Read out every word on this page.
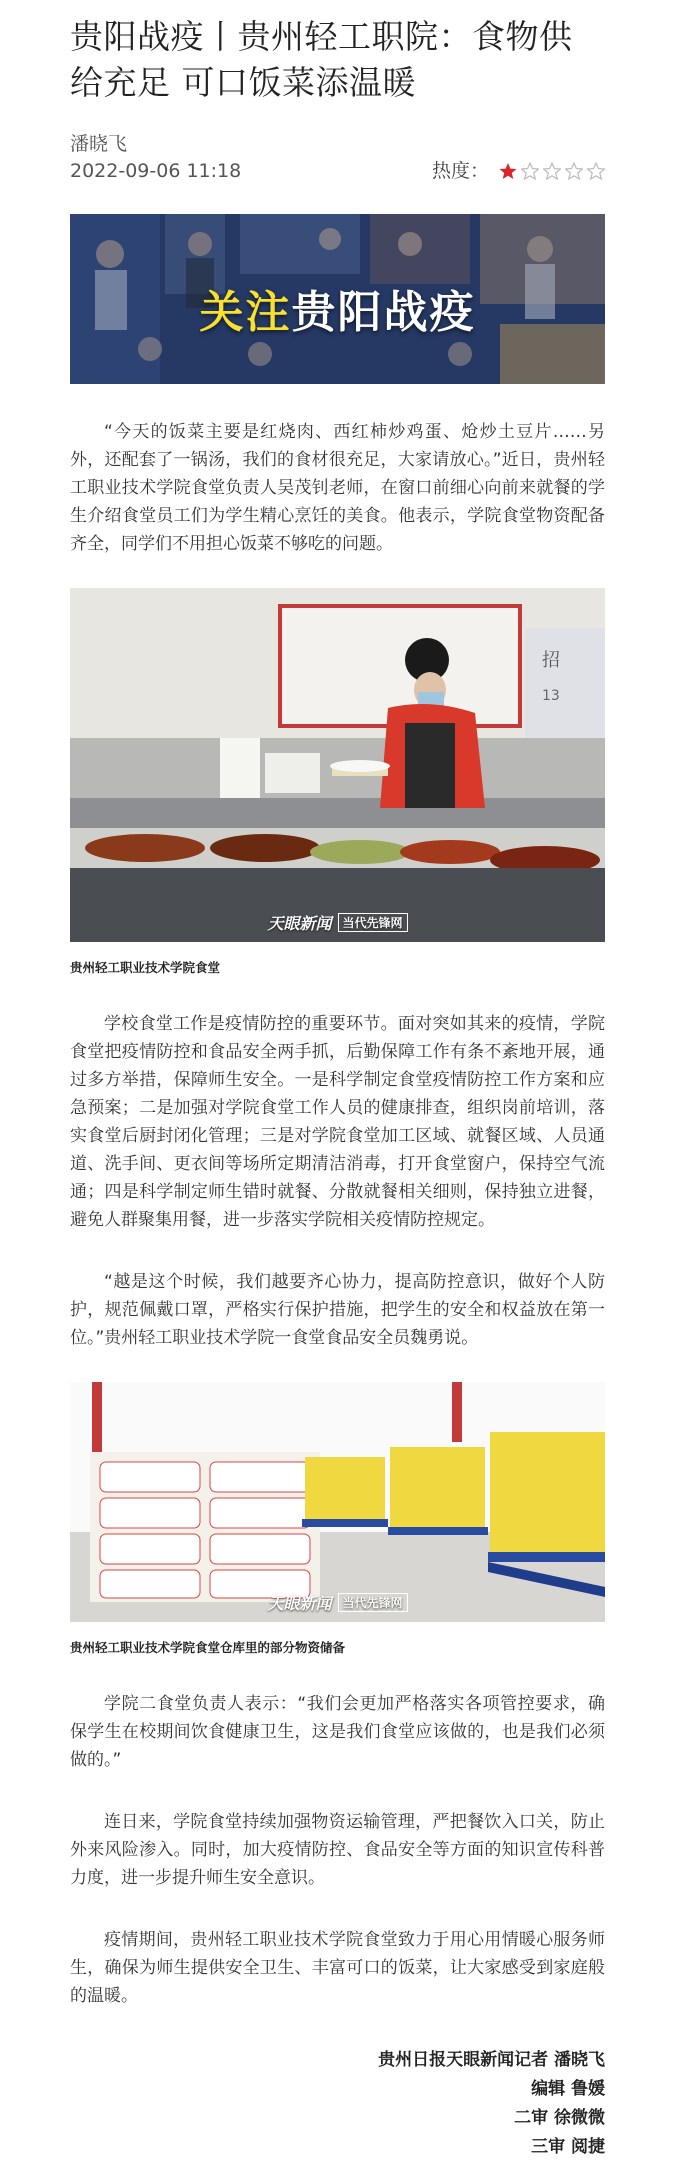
贵阳战疫丨贵州轻工职院：食物供给充足 可口饭菜添温暖
潘晓飞
2022-09-06 11:18	热度：
关注贵阳战疫

“今天的饭菜主要是红烧肉、西红柿炒鸡蛋、炝炒土豆片……另外，还配套了一锅汤，我们的食材很充足，大家请放心。”近日，贵州轻工职业技术学院食堂负责人吴茂钊老师，在窗口前细心向前来就餐的学生介绍食堂员工们为学生精心烹饪的美食。他表示，学院食堂物资配备齐全，同学们不用担心饭菜不够吃的问题。

招
13
天眼新闻 当代先锋网
贵州轻工职业技术学院食堂

学校食堂工作是疫情防控的重要环节。面对突如其来的疫情，学院食堂把疫情防控和食品安全两手抓，后勤保障工作有条不紊地开展，通过多方举措，保障师生安全。一是科学制定食堂疫情防控工作方案和应急预案；二是加强对学院食堂工作人员的健康排查，组织岗前培训，落实食堂后厨封闭化管理；三是对学院食堂加工区域、就餐区域、人员通道、洗手间、更衣间等场所定期清洁消毒，打开食堂窗户，保持空气流通；四是科学制定师生错时就餐、分散就餐相关细则，保持独立进餐，避免人群聚集用餐，进一步落实学院相关疫情防控规定。

“越是这个时候，我们越要齐心协力，提高防控意识，做好个人防护，规范佩戴口罩，严格实行保护措施，把学生的安全和权益放在第一位。”贵州轻工职业技术学院一食堂食品安全员魏勇说。

天眼新闻 当代先锋网
贵州轻工职业技术学院食堂仓库里的部分物资储备

学院二食堂负责人表示：“我们会更加严格落实各项管控要求，确保学生在校期间饮食健康卫生，这是我们食堂应该做的，也是我们必须做的。”

连日来，学院食堂持续加强物资运输管理，严把餐饮入口关，防止外来风险渗入。同时，加大疫情防控、食品安全等方面的知识宣传科普力度，进一步提升师生安全意识。

疫情期间，贵州轻工职业技术学院食堂致力于用心用情暖心服务师生，确保为师生提供安全卫生、丰富可口的饭菜，让大家感受到家庭般的温暖。

贵州日报天眼新闻记者 潘晓飞
编辑 鲁媛
二审 徐微微
三审 阅捷
